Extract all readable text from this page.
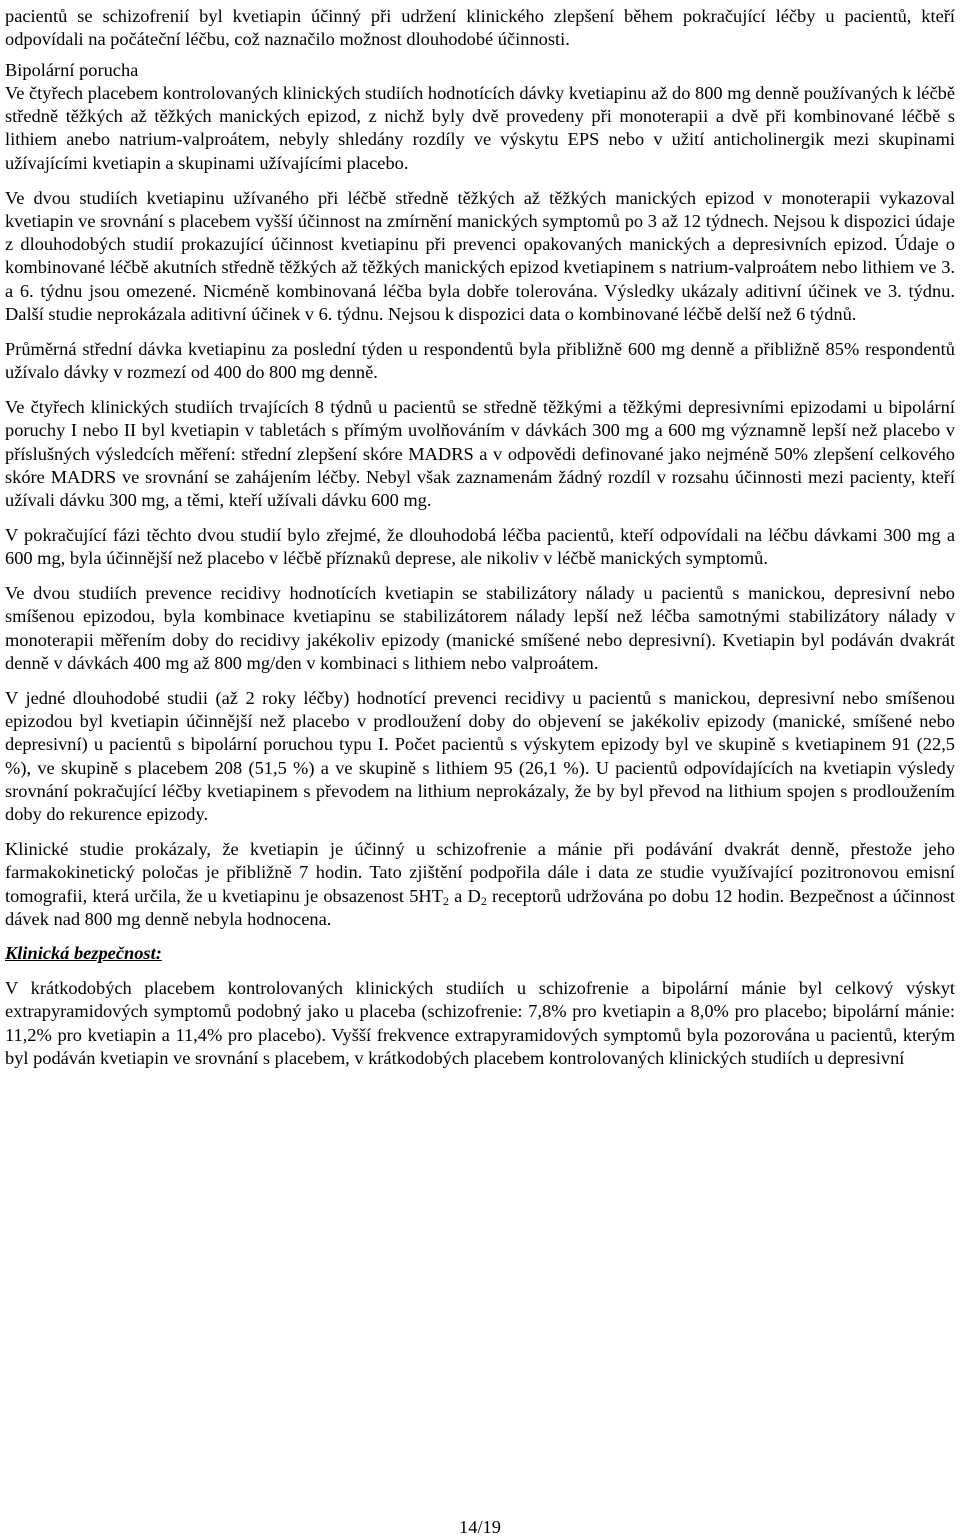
pacientů se schizofrenií byl kvetiapin účinný při udržení klinického zlepšení během pokračující léčby u pacientů, kteří odpovídali na počáteční léčbu, což naznačilo možnost dlouhodobé účinnosti.

Bipolární porucha

Ve čtyřech placebem kontrolovaných klinických studiích hodnotících dávky kvetiapinu až do 800 mg denně používaných k léčbě středně těžkých až těžkých manických epizod, z nichž byly dvě provedeny při monoterapii a dvě při kombinované léčbě s lithiem anebo natrium-valproátem, nebyly shledány rozdíly ve výskytu EPS nebo v užití anticholinergik mezi skupinami užívajícími kvetiapin a skupinami užívajícími placebo.

Ve dvou studiích kvetiapinu užívaného při léčbě středně těžkých až těžkých manických epizod v monoterapii vykazoval kvetiapin ve srovnání s placebem vyšší účinnost na zmírnění manických symptomů po 3 až 12 týdnech. Nejsou k dispozici údaje z dlouhodobých studií prokazující účinnost kvetiapinu při prevenci opakovaných manických a depresivních epizod. Údaje o kombinované léčbě akutních středně těžkých až těžkých manických epizod kvetiapinem s natrium-valproátem nebo lithiem ve 3. a 6. týdnu jsou omezené. Nicméně kombinovaná léčba byla dobře tolerována. Výsledky ukázaly aditivní účinek ve 3. týdnu. Další studie neprokázala aditivní účinek v 6. týdnu. Nejsou k dispozici data o kombinované léčbě delší než 6 týdnů.

Průměrná střední dávka kvetiapinu za poslední týden u respondentů byla přibližně 600 mg denně a přibližně 85% respondentů užívalo dávky v rozmezí od 400 do 800 mg denně.

Ve čtyřech klinických studiích trvajících 8 týdnů u pacientů se středně těžkými a těžkými depresivními epizodami u bipolární poruchy I nebo II byl kvetiapin v tabletách s přímým uvolňováním v dávkách 300 mg a 600 mg významně lepší než placebo v příslušných výsledcích měření: střední zlepšení skóre MADRS a v odpovědi definované jako nejméně 50% zlepšení celkového skóre MADRS ve srovnání se zahájením léčby. Nebyl však zaznamenám žádný rozdíl v rozsahu účinnosti mezi pacienty, kteří užívali dávku 300 mg, a těmi, kteří užívali dávku 600 mg.

V pokračující fázi těchto dvou studií bylo zřejmé, že dlouhodobá léčba pacientů, kteří odpovídali na léčbu dávkami 300 mg a 600 mg, byla účinnější než placebo v léčbě příznaků deprese, ale nikoliv v léčbě manických symptomů.

Ve dvou studiích prevence recidivy hodnotících kvetiapin se stabilizátory nálady u pacientů s manickou, depresivní nebo smíšenou epizodou, byla kombinace kvetiapinu se stabilizátorem nálady lepší než léčba samotnými stabilizátory nálady v monoterapii měřením doby do recidivy jakékoliv epizody (manické smíšené nebo depresivní). Kvetiapin byl podáván dvakrát denně v dávkách 400 mg až 800 mg/den v kombinaci s lithiem nebo valproátem.

V jedné dlouhodobé studii (až 2 roky léčby) hodnotící prevenci recidivy u pacientů s manickou, depresivní nebo smíšenou epizodou byl kvetiapin účinnější než placebo v prodloužení doby do objevení se jakékoliv epizody (manické, smíšené nebo depresivní) u pacientů s bipolární poruchou typu I. Počet pacientů s výskytem epizody byl ve skupině s kvetiapinem 91 (22,5 %), ve skupině s placebem 208 (51,5 %) a ve skupině s lithiem 95 (26,1 %). U pacientů odpovídajících na kvetiapin výsledy srovnání pokračující léčby kvetiapinem s převodem na lithium neprokázaly, že by byl převod na lithium spojen s prodloužením doby do rekurence epizody.

Klinické studie prokázaly, že kvetiapin je účinný u schizofrenie a mánie při podávání dvakrát denně, přestože jeho farmakokinetický poločas je přibližně 7 hodin. Tato zjištění podpořila dále i data ze studie využívající pozitronovou emisní tomografii, která určila, že u kvetiapinu je obsazenost $5HT_2$ a $D_2$ receptorů udržována po dobu 12 hodin. Bezpečnost a účinnost dávek nad 800 mg denně nebyla hodnocena.

Klinická bezpečnost:

V krátkodobých placebem kontrolovaných klinických studiích u schizofrenie a bipolární mánie byl celkový výskyt extrapyramidových symptomů podobný jako u placeba (schizofrenie: 7,8% pro kvetiapin a 8,0% pro placebo; bipolární mánie: 11,2% pro kvetiapin a 11,4% pro placebo). Vyšší frekvence extrapyramidových symptomů byla pozorována u pacientů, kterým byl podáván kvetiapin ve srovnání s placebem, v krátkodobých placebem kontrolovaných klinických studiích u depresivní

14/19
